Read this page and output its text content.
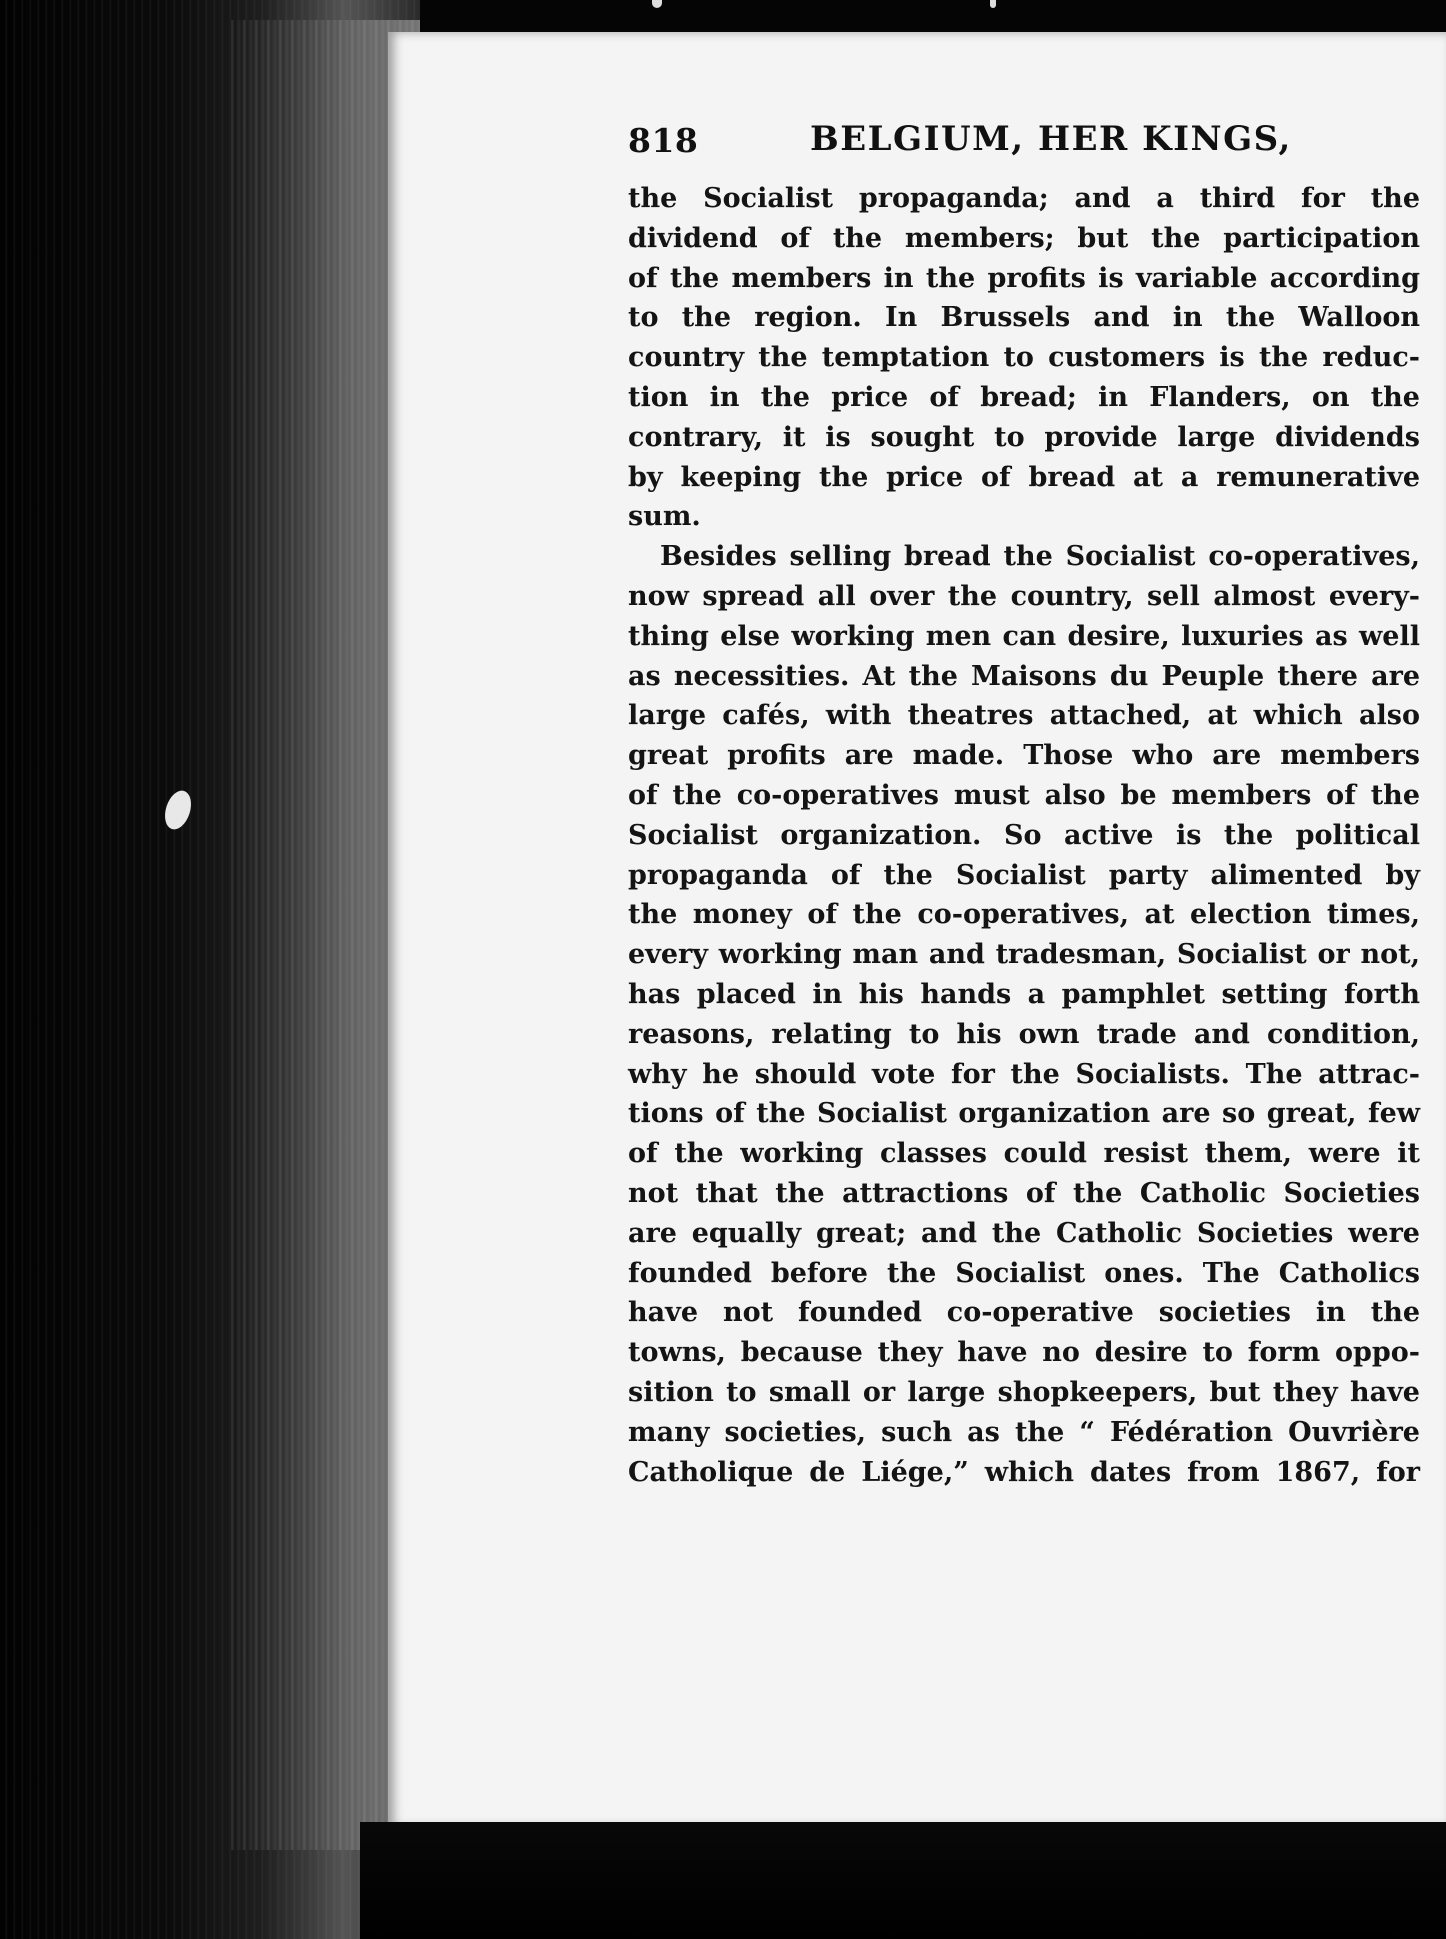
818	BELGIUM, HER KINGS,
the Socialist propaganda; and a third for the
dividend of the members; but the participation
of the members in the profits is variable according
to the region. In Brussels and in the Walloon
country the temptation to customers is the reduc-
tion in the price of bread; in Flanders, on the
contrary, it is sought to provide large dividends
by keeping the price of bread at a remunerative
sum.
Besides selling bread the Socialist co-operatives,
now spread all over the country, sell almost every-
thing else working men can desire, luxuries as well
as necessities. At the Maisons du Peuple there are
large cafés, with theatres attached, at which also
great profits are made. Those who are members
of the co-operatives must also be members of the
Socialist organization. So active is the political
propaganda of the Socialist party alimented by
the money of the co-operatives, at election times,
every working man and tradesman, Socialist or not,
has placed in his hands a pamphlet setting forth
reasons, relating to his own trade and condition,
why he should vote for the Socialists. The attrac-
tions of the Socialist organization are so great, few
of the working classes could resist them, were it
not that the attractions of the Catholic Societies
are equally great; and the Catholic Societies were
founded before the Socialist ones. The Catholics
have not founded co-operative societies in the
towns, because they have no desire to form oppo-
sition to small or large shopkeepers, but they have
many societies, such as the “ Fédération Ouvrière
Catholique de Liége,” which dates from 1867, for
